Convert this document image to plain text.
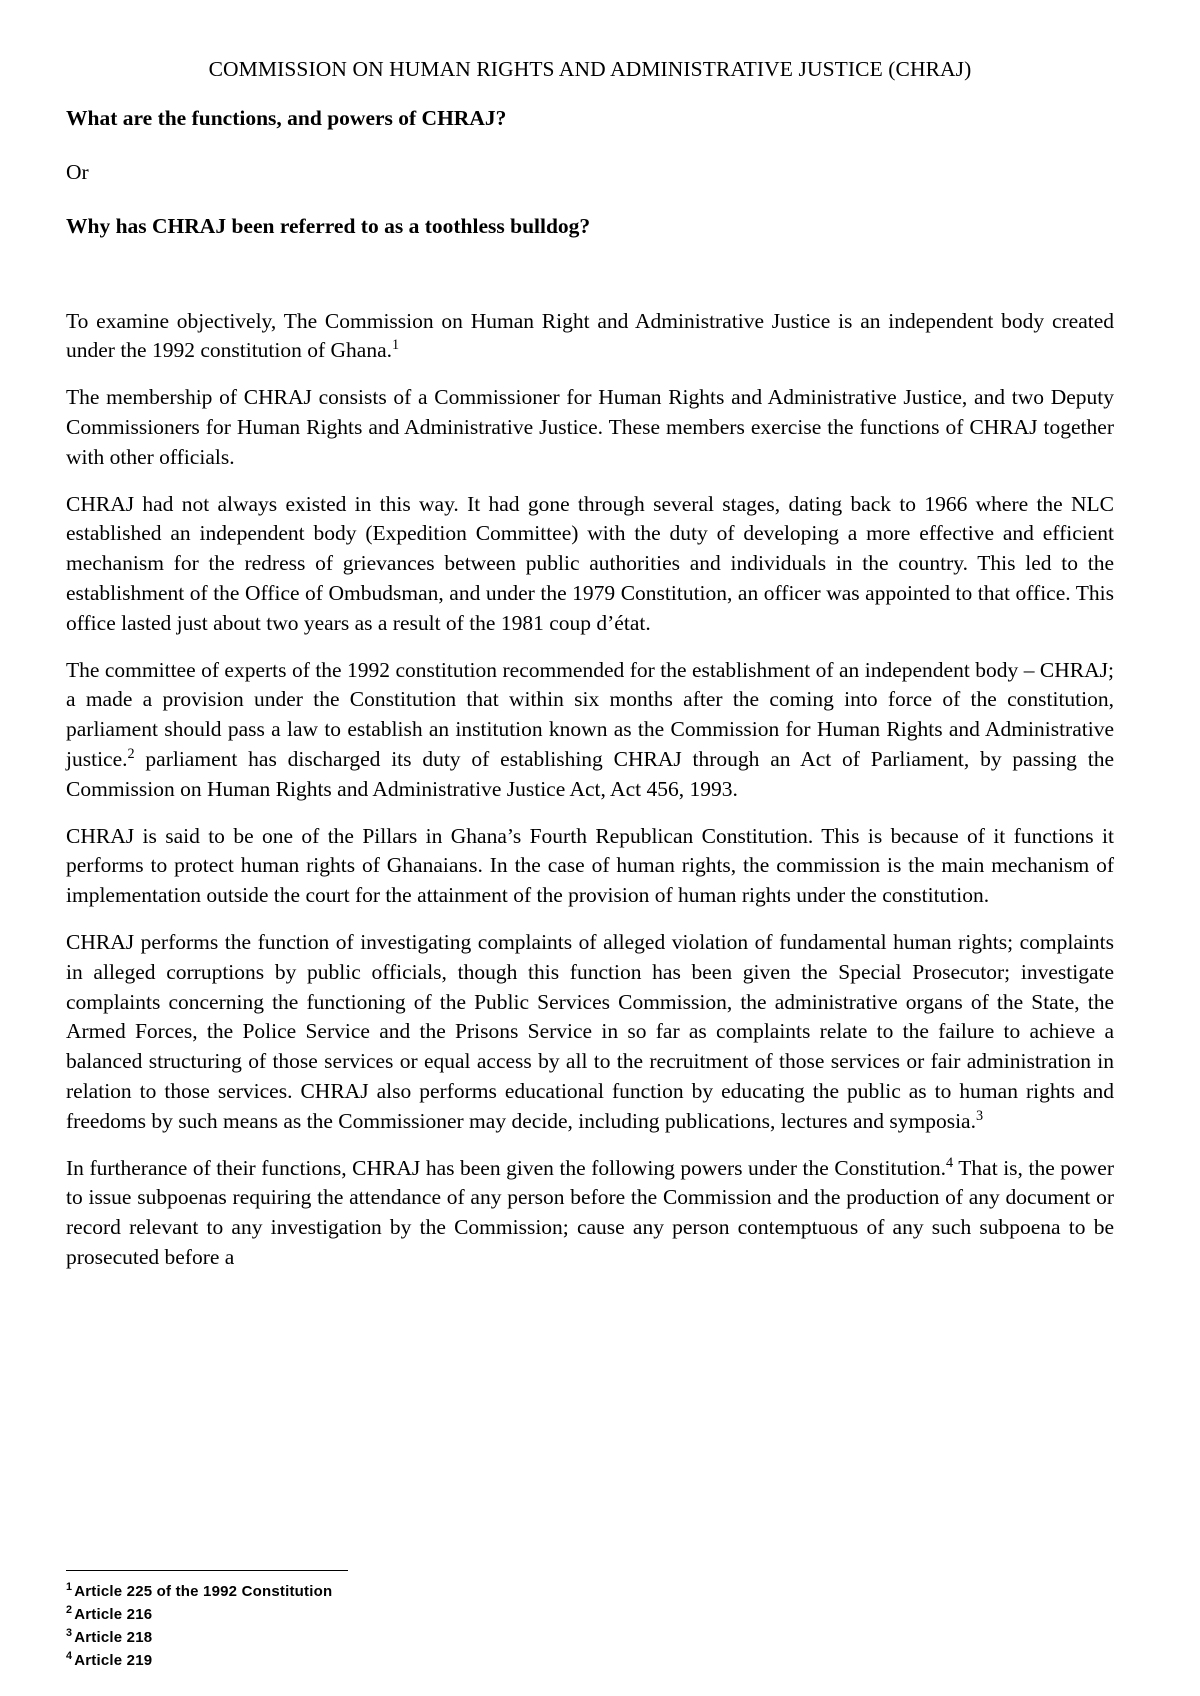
COMMISSION ON HUMAN RIGHTS AND ADMINISTRATIVE JUSTICE (CHRAJ)
What are the functions, and powers of CHRAJ?
Or
Why has CHRAJ been referred to as a toothless bulldog?

To examine objectively, The Commission on Human Right and Administrative Justice is an independent body created under the 1992 constitution of Ghana.$^1$

The membership of CHRAJ consists of a Commissioner for Human Rights and Administrative Justice, and two Deputy Commissioners for Human Rights and Administrative Justice. These members exercise the functions of CHRAJ together with other officials.

CHRAJ had not always existed in this way. It had gone through several stages, dating back to 1966 where the NLC established an independent body (Expedition Committee) with the duty of developing a more effective and efficient mechanism for the redress of grievances between public authorities and individuals in the country. This led to the establishment of the Office of Ombudsman, and under the 1979 Constitution, an officer was appointed to that office. This office lasted just about two years as a result of the 1981 coup d’état.

The committee of experts of the 1992 constitution recommended for the establishment of an independent body – CHRAJ; a made a provision under the Constitution that within six months after the coming into force of the constitution, parliament should pass a law to establish an institution known as the Commission for Human Rights and Administrative justice.$^2$ parliament has discharged its duty of establishing CHRAJ through an Act of Parliament, by passing the Commission on Human Rights and Administrative Justice Act, Act 456, 1993.

CHRAJ is said to be one of the Pillars in Ghana’s Fourth Republican Constitution. This is because of it functions it performs to protect human rights of Ghanaians. In the case of human rights, the commission is the main mechanism of implementation outside the court for the attainment of the provision of human rights under the constitution.

CHRAJ performs the function of investigating complaints of alleged violation of fundamental human rights; complaints in alleged corruptions by public officials, though this function has been given the Special Prosecutor; investigate complaints concerning the functioning of the Public Services Commission, the administrative organs of the State, the Armed Forces, the Police Service and the Prisons Service in so far as complaints relate to the failure to achieve a balanced structuring of those services or equal access by all to the recruitment of those services or fair administration in relation to those services. CHRAJ also performs educational function by educating the public as to human rights and freedoms by such means as the Commissioner may decide, including publications, lectures and symposia.$^3$

In furtherance of their functions, CHRAJ has been given the following powers under the Constitution.$^4$ That is, the power to issue subpoenas requiring the attendance of any person before the Commission and the production of any document or record relevant to any investigation by the Commission; cause any person contemptuous of any such subpoena to be prosecuted before a

$^1$ Article 225 of the 1992 Constitution
$^2$ Article 216
$^3$ Article 218
$^4$ Article 219
